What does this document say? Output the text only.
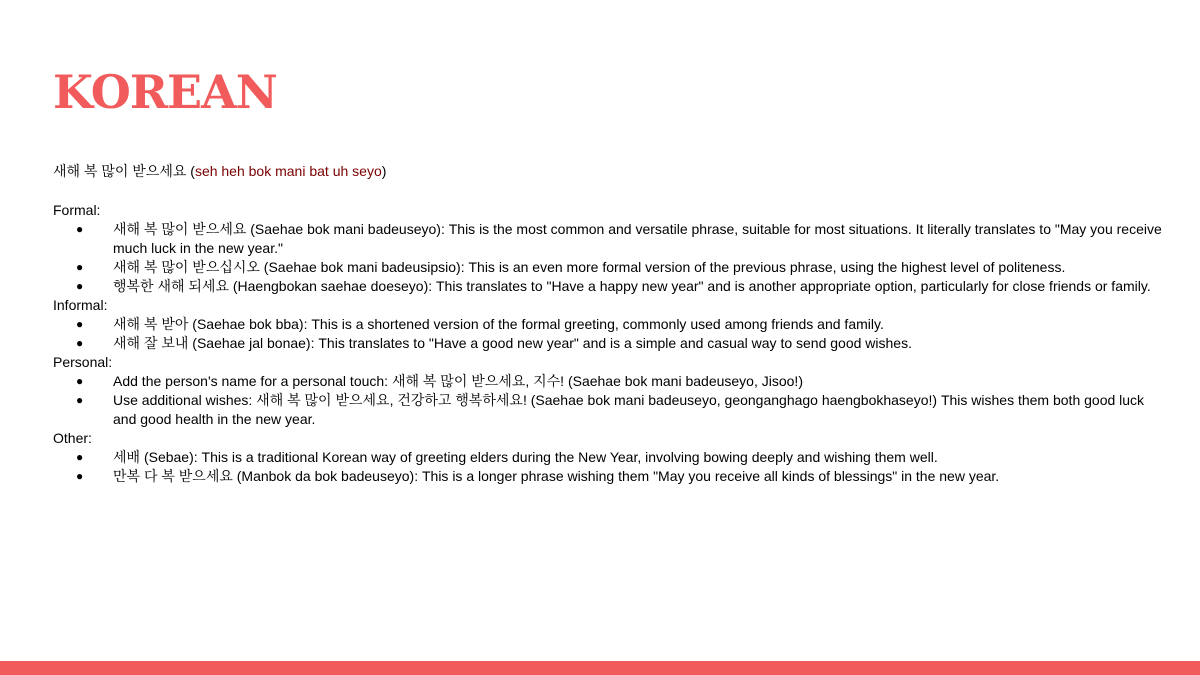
KOREAN

새해 복 많이 받으세요 (seh heh bok mani bat uh seyo)

Formal:

● 새해 복 많이 받으세요 (Saehae bok mani badeuseyo): This is the most common and versatile phrase, suitable for most situations. It literally translates to "May you receive much luck in the new year."
● 새해 복 많이 받으십시오 (Saehae bok mani badeusipsio): This is an even more formal version of the previous phrase, using the highest level of politeness.
● 행복한 새해 되세요 (Haengbokan saehae doeseyo): This translates to "Have a happy new year" and is another appropriate option, particularly for close friends or family.

Informal:

● 새해 복 받아 (Saehae bok bba): This is a shortened version of the formal greeting, commonly used among friends and family.
● 새해 잘 보내 (Saehae jal bonae): This translates to "Have a good new year" and is a simple and casual way to send good wishes.

Personal:

● Add the person's name for a personal touch: 새해 복 많이 받으세요, 지수! (Saehae bok mani badeuseyo, Jisoo!)
● Use additional wishes: 새해 복 많이 받으세요, 건강하고 행복하세요! (Saehae bok mani badeuseyo, geonganghago haengbokhaseyo!) This wishes them both good luck and good health in the new year.

Other:

● 세배 (Sebae): This is a traditional Korean way of greeting elders during the New Year, involving bowing deeply and wishing them well.
● 만복 다 복 받으세요 (Manbok da bok badeuseyo): This is a longer phrase wishing them "May you receive all kinds of blessings" in the new year.
